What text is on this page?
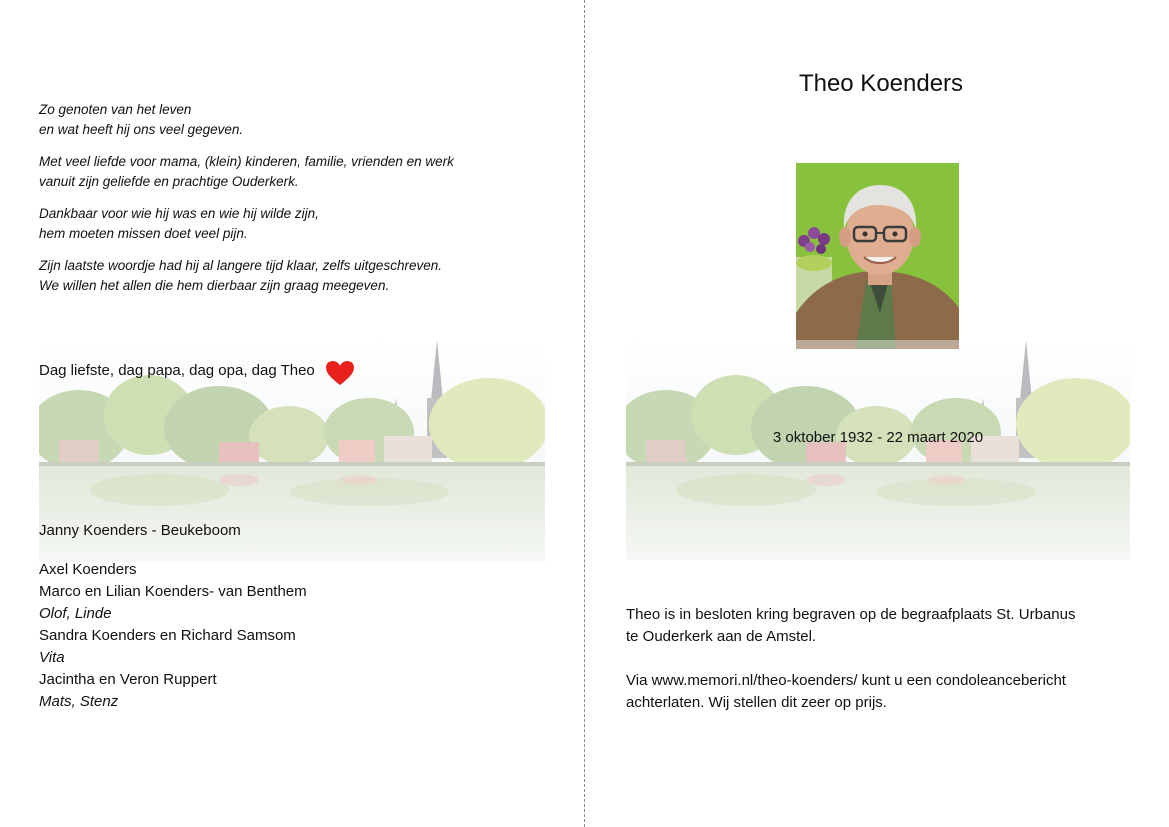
Zo genoten van het leven
en wat heeft hij ons veel gegeven.

Met veel liefde voor mama, (klein) kinderen, familie, vrienden en werk
vanuit zijn geliefde en prachtige Ouderkerk.

Dankbaar voor wie hij was en wie hij wilde zijn,
hem moeten missen doet veel pijn.

Zijn laatste woordje had hij al langere tijd klaar, zelfs uitgeschreven.
We willen het allen die hem dierbaar zijn graag meegeven.

Dag liefste, dag papa, dag opa, dag Theo
Janny Koenders - Beukeboom
Axel Koenders
Marco en Lilian Koenders- van Benthem
Olof, Linde
Sandra Koenders en Richard Samsom
Vita
Jacintha en Veron Ruppert
Mats, Stenz
Theo Koenders
3 oktober 1932 - 22 maart 2020

Theo is in besloten kring begraven op de begraafplaats St. Urbanus
te Ouderkerk aan de Amstel.

Via www.memori.nl/theo-koenders/ kunt u een condoleancebericht
achterlaten. Wij stellen dit zeer op prijs.
